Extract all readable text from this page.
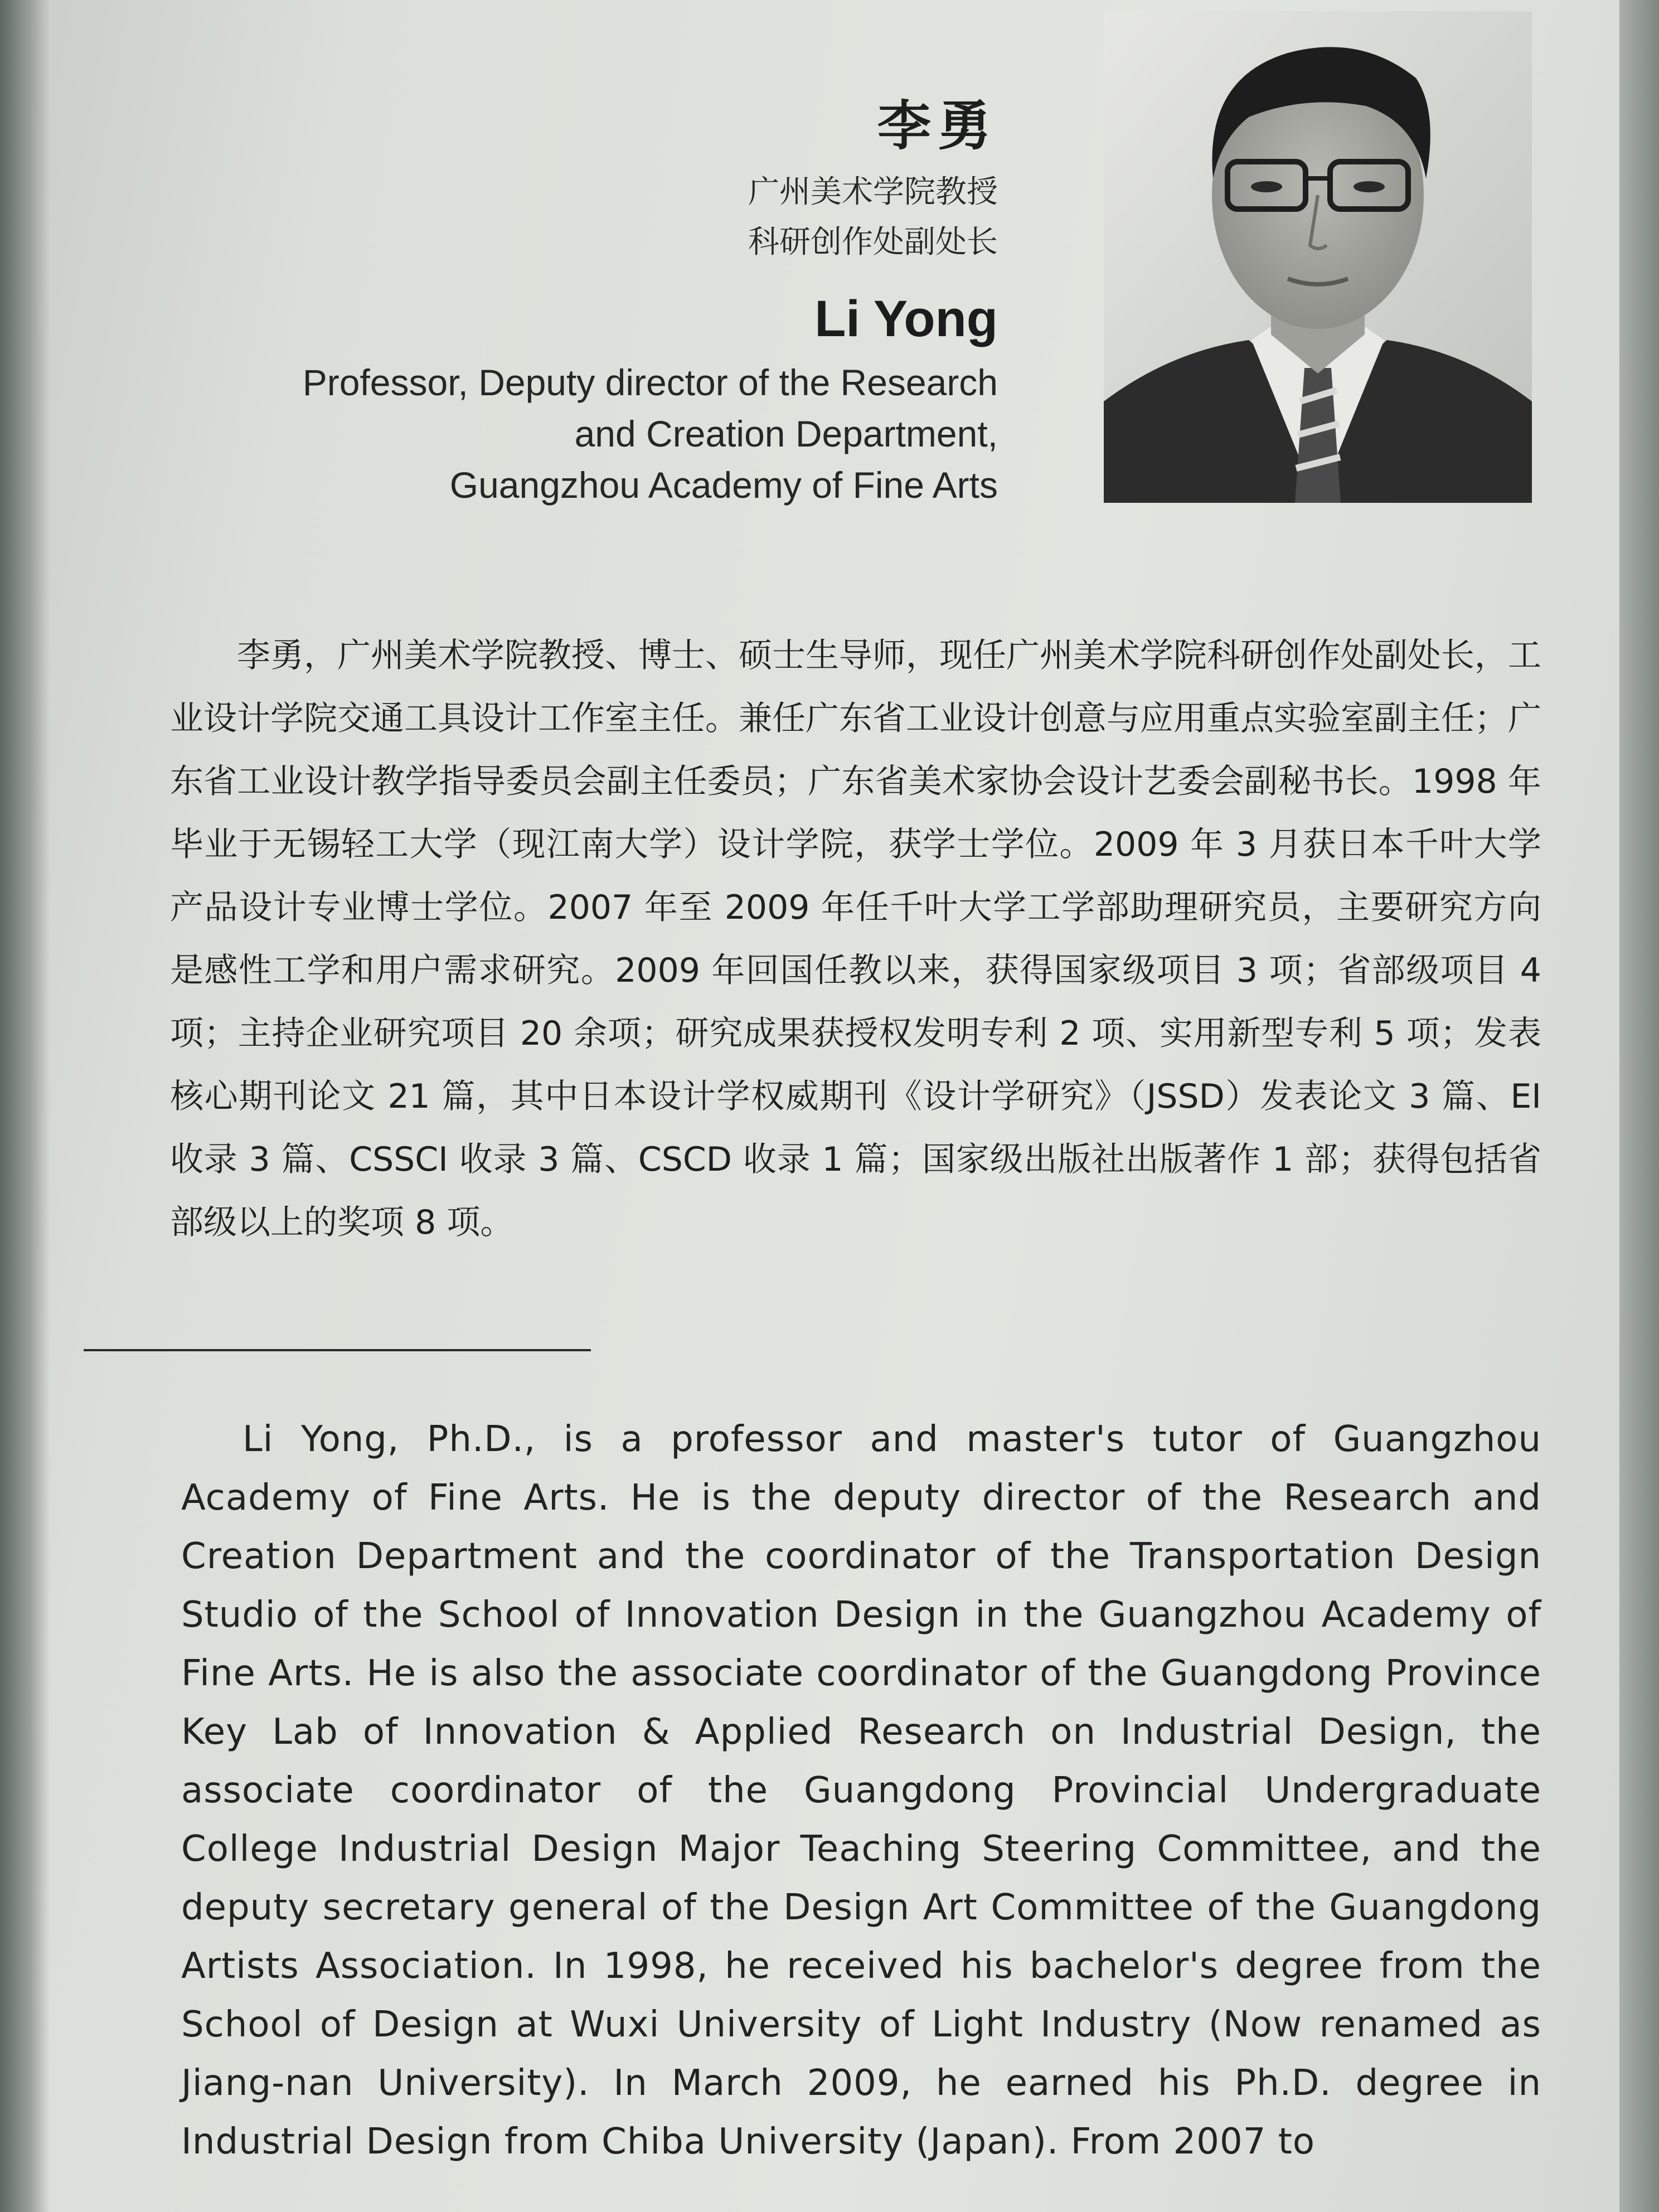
李勇
广州美术学院教授
科研创作处副处长
Li Yong
Professor, Deputy director of the Research
and Creation Department,
Guangzhou Academy of Fine Arts
李勇，广州美术学院教授、博士、硕士生导师，现任广州美术学院科研创作处副处长，工业设计学院交通工具设计工作室主任。兼任广东省工业设计创意与应用重点实验室副主任；广东省工业设计教学指导委员会副主任委员；广东省美术家协会设计艺委会副秘书长。1998 年毕业于无锡轻工大学（现江南大学）设计学院，获学士学位。2009 年 3 月获日本千叶大学产品设计专业博士学位。2007 年至 2009 年任千叶大学工学部助理研究员，主要研究方向是感性工学和用户需求研究。2009 年回国任教以来，获得国家级项目 3 项；省部级项目 4 项；主持企业研究项目 20 余项；研究成果获授权发明专利 2 项、实用新型专利 5 项；发表核心期刊论文 21 篇，其中日本设计学权威期刊《设计学研究》（JSSD）发表论文 3 篇、EI 收录 3 篇、CSSCI 收录 3 篇、CSCD 收录 1 篇；国家级出版社出版著作 1 部；获得包括省部级以上的奖项 8 项。
Li Yong, Ph.D., is a professor and master's tutor of Guangzhou Academy of Fine Arts. He is the deputy director of the Research and Creation Department and the coordinator of the Transportation Design Studio of the School of Innovation Design in the Guangzhou Academy of Fine Arts. He is also the associate coordinator of the Guangdong Province Key Lab of Innovation & Applied Research on Industrial Design, the associate coordinator of the Guangdong Provincial Undergraduate College Industrial Design Major Teaching Steering Committee, and the deputy secretary general of the Design Art Committee of the Guangdong Artists Association. In 1998, he received his bachelor's degree from the School of Design at Wuxi University of Light Industry (Now renamed as Jiang-nan University). In March 2009, he earned his Ph.D. degree in Industrial Design from Chiba University (Japan). From 2007 to
